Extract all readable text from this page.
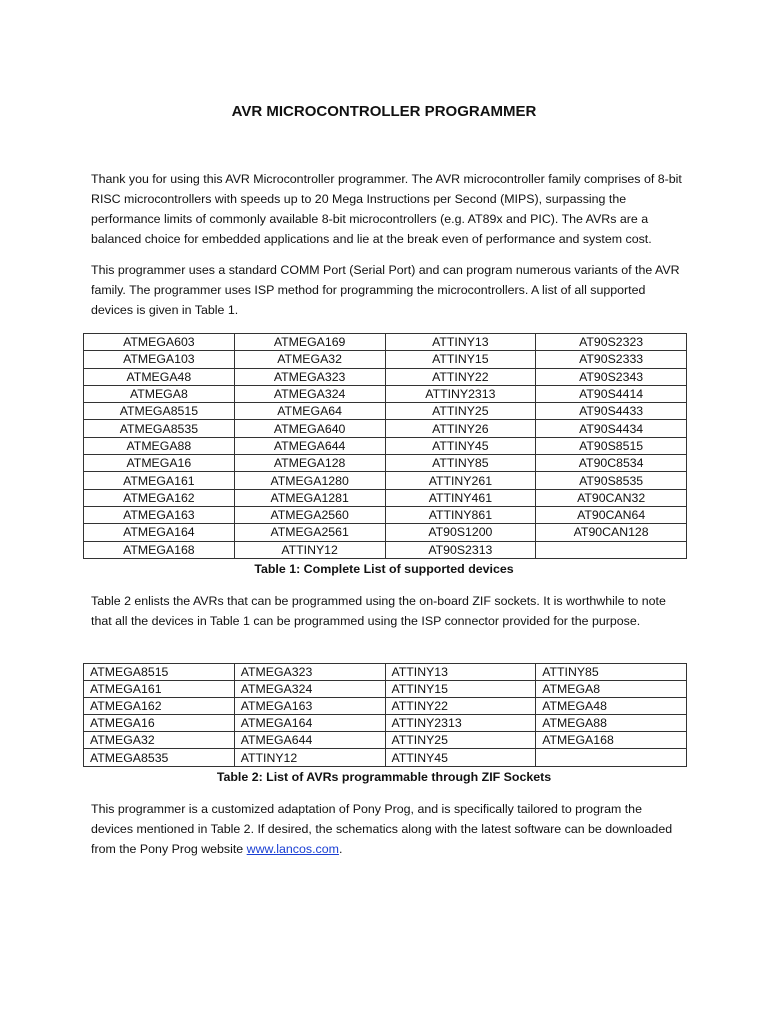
AVR MICROCONTROLLER PROGRAMMER

Thank you for using this AVR Microcontroller programmer. The AVR microcontroller family comprises of 8-bit RISC microcontrollers with speeds up to 20 Mega Instructions per Second (MIPS), surpassing the performance limits of commonly available 8-bit microcontrollers (e.g. AT89x and PIC). The AVRs are a balanced choice for embedded applications and lie at the break even of performance and system cost.

This programmer uses a standard COMM Port (Serial Port) and can program numerous variants of the AVR family. The programmer uses ISP method for programming the microcontrollers. A list of all supported devices is given in Table 1.

ATMEGA603	ATMEGA169	ATTINY13	AT90S2323
ATMEGA103	ATMEGA32	ATTINY15	AT90S2333
ATMEGA48	ATMEGA323	ATTINY22	AT90S2343
ATMEGA8	ATMEGA324	ATTINY2313	AT90S4414
ATMEGA8515	ATMEGA64	ATTINY25	AT90S4433
ATMEGA8535	ATMEGA640	ATTINY26	AT90S4434
ATMEGA88	ATMEGA644	ATTINY45	AT90S8515
ATMEGA16	ATMEGA128	ATTINY85	AT90C8534
ATMEGA161	ATMEGA1280	ATTINY261	AT90S8535
ATMEGA162	ATMEGA1281	ATTINY461	AT90CAN32
ATMEGA163	ATMEGA2560	ATTINY861	AT90CAN64
ATMEGA164	ATMEGA2561	AT90S1200	AT90CAN128
ATMEGA168	ATTINY12	AT90S2313	
Table 1: Complete List of supported devices

Table 2 enlists the AVRs that can be programmed using the on-board ZIF sockets. It is worthwhile to note that all the devices in Table 1 can be programmed using the ISP connector provided for the purpose.

ATMEGA8515	ATMEGA323	ATTINY13	ATTINY85
ATMEGA161	ATMEGA324	ATTINY15	ATMEGA8
ATMEGA162	ATMEGA163	ATTINY22	ATMEGA48
ATMEGA16	ATMEGA164	ATTINY2313	ATMEGA88
ATMEGA32	ATMEGA644	ATTINY25	ATMEGA168
ATMEGA8535	ATTINY12	ATTINY45	
Table 2: List of AVRs programmable through ZIF Sockets

This programmer is a customized adaptation of Pony Prog, and is specifically tailored to program the devices mentioned in Table 2. If desired, the schematics along with the latest software can be downloaded from the Pony Prog website www.lancos.com.
